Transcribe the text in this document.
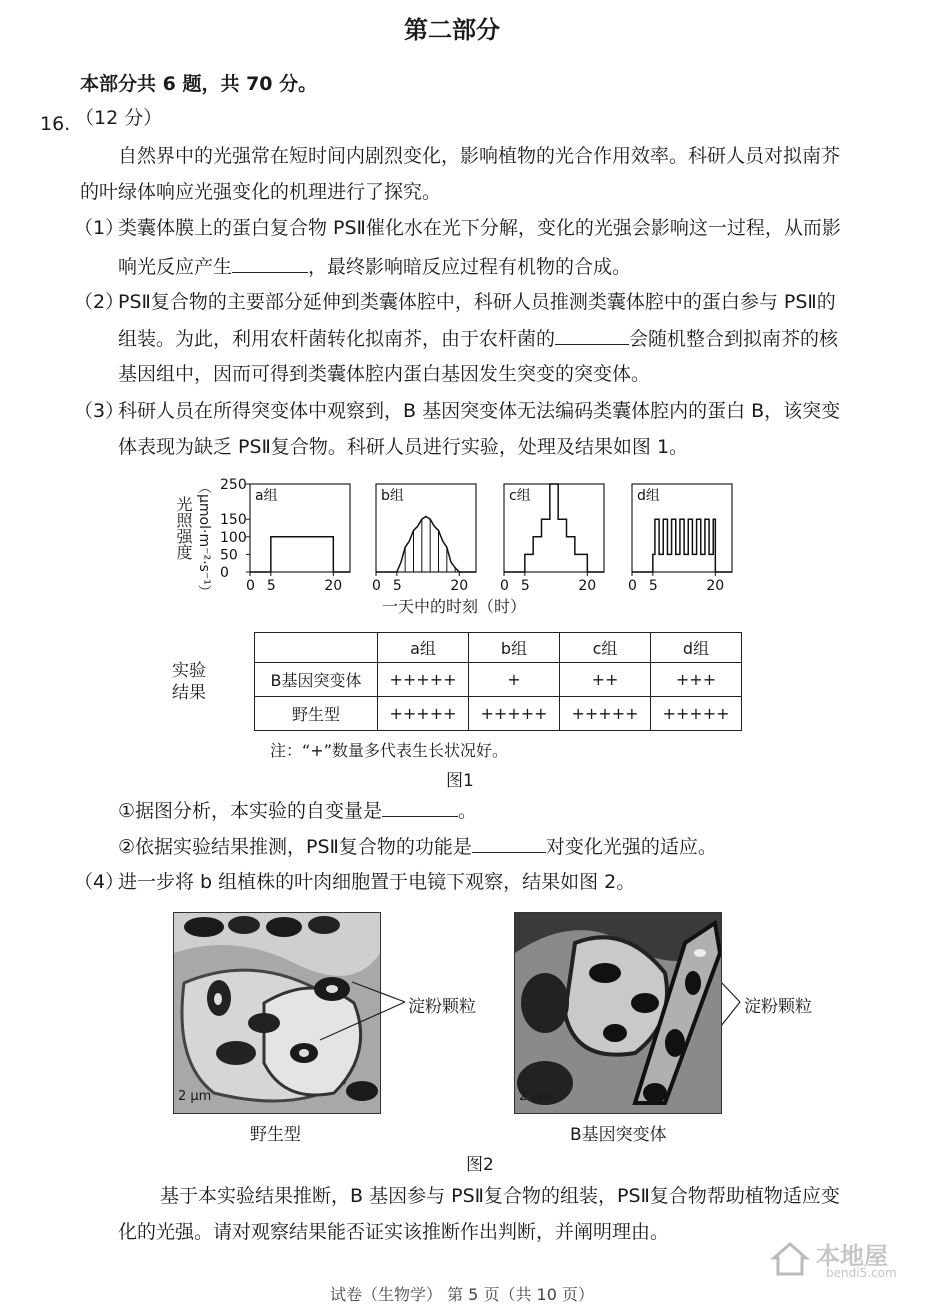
第二部分
本部分共 6 题，共 70 分。
16. （12 分）
自然界中的光强常在短时间内剧烈变化，影响植物的光合作用效率。科研人员对拟南芥
的叶绿体响应光强变化的机理进行了探究。
（1）
类囊体膜上的蛋白复合物 PSⅡ催化水在光下分解，变化的光强会影响这一过程，从而影
响光反应产生	，最终影响暗反应过程有机物的合成。
（2）
PSⅡ复合物的主要部分延伸到类囊体腔中，科研人员推测类囊体腔中的蛋白参与 PSⅡ的
组装。为此，利用农杆菌转化拟南芥，由于农杆菌的	会随机整合到拟南芥的核
基因组中，因而可得到类囊体腔内蛋白基因发生突变的突变体。
（3）
科研人员在所得突变体中观察到，B 基因突变体无法编码类囊体腔内的蛋白 B，该突变
体表现为缺乏 PSⅡ复合物。科研人员进行实验，处理及结果如图 1。
a组
0 5	20
250
150
100
50
0
b组
0 5	20
c组
0 5	20
d组
0 5	20
光照强度 （μmol·m⁻²·s⁻¹）
一天中的时刻（时）
实验
结果
	a组	b组	c组	d组
B基因突变体	+++++	+	++	+++
野生型	+++++	+++++	+++++	+++++
注：“+”数量多代表生长状况好。
图1
①据图分析，本实验的自变量是	。
②依据实验结果推测，PSⅡ复合物的功能是	对变化光强的适应。
（4）
进一步将 b 组植株的叶肉细胞置于电镜下观察，结果如图 2。
2 μm
淀粉颗粒
野生型
2 μm
淀粉颗粒
B基因突变体
图2
基于本实验结果推断，B 基因参与 PSⅡ复合物的组装，PSⅡ复合物帮助植物适应变
化的光强。请对观察结果能否证实该推断作出判断，并阐明理由。
试卷（生物学） 第 5 页（共 10 页）
本地屋
bendi5.com
